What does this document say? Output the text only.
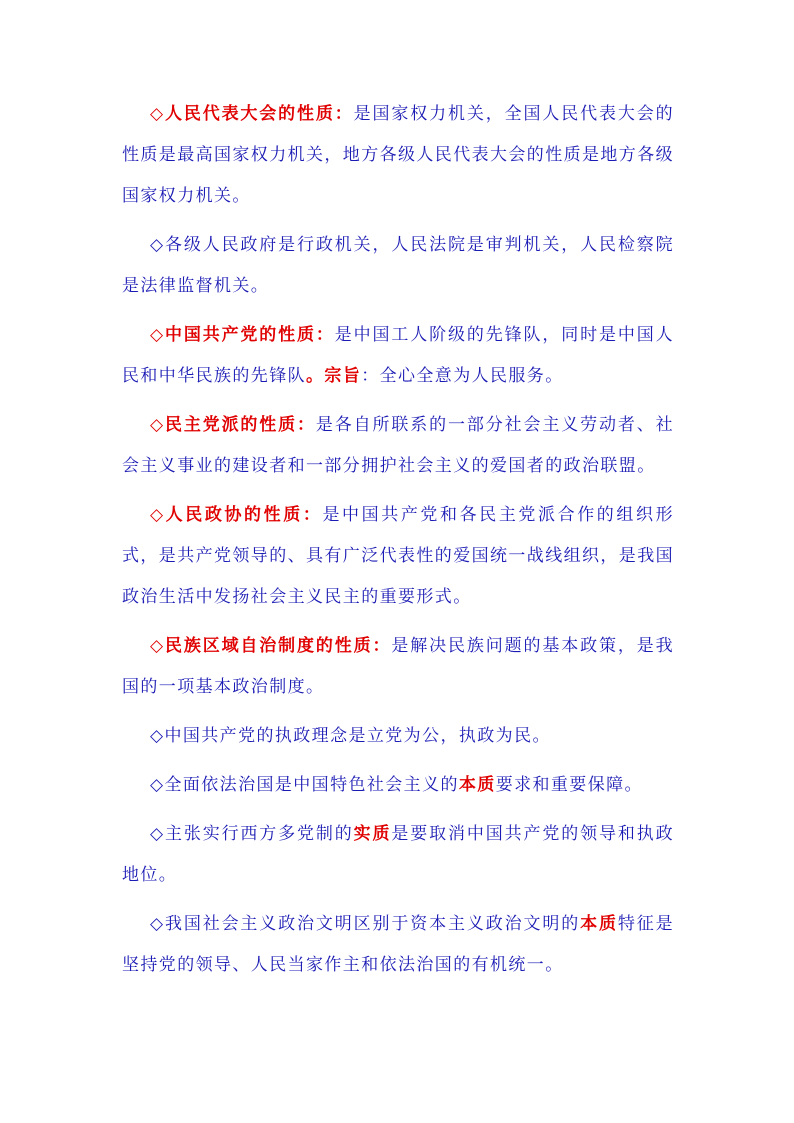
◇人民代表大会的性质：是国家权力机关，全国人民代表大会的性质是最高国家权力机关，地方各级人民代表大会的性质是地方各级国家权力机关。

◇各级人民政府是行政机关，人民法院是审判机关，人民检察院是法律监督机关。

◇中国共产党的性质：是中国工人阶级的先锋队，同时是中国人民和中华民族的先锋队。宗旨：全心全意为人民服务。

◇民主党派的性质：是各自所联系的一部分社会主义劳动者、社会主义事业的建设者和一部分拥护社会主义的爱国者的政治联盟。

◇人民政协的性质：是中国共产党和各民主党派合作的组织形式，是共产党领导的、具有广泛代表性的爱国统一战线组织，是我国政治生活中发扬社会主义民主的重要形式。

◇民族区域自治制度的性质：是解决民族问题的基本政策，是我国的一项基本政治制度。

◇中国共产党的执政理念是立党为公，执政为民。

◇全面依法治国是中国特色社会主义的本质要求和重要保障。

◇主张实行西方多党制的实质是要取消中国共产党的领导和执政地位。

◇我国社会主义政治文明区别于资本主义政治文明的本质特征是坚持党的领导、人民当家作主和依法治国的有机统一。
